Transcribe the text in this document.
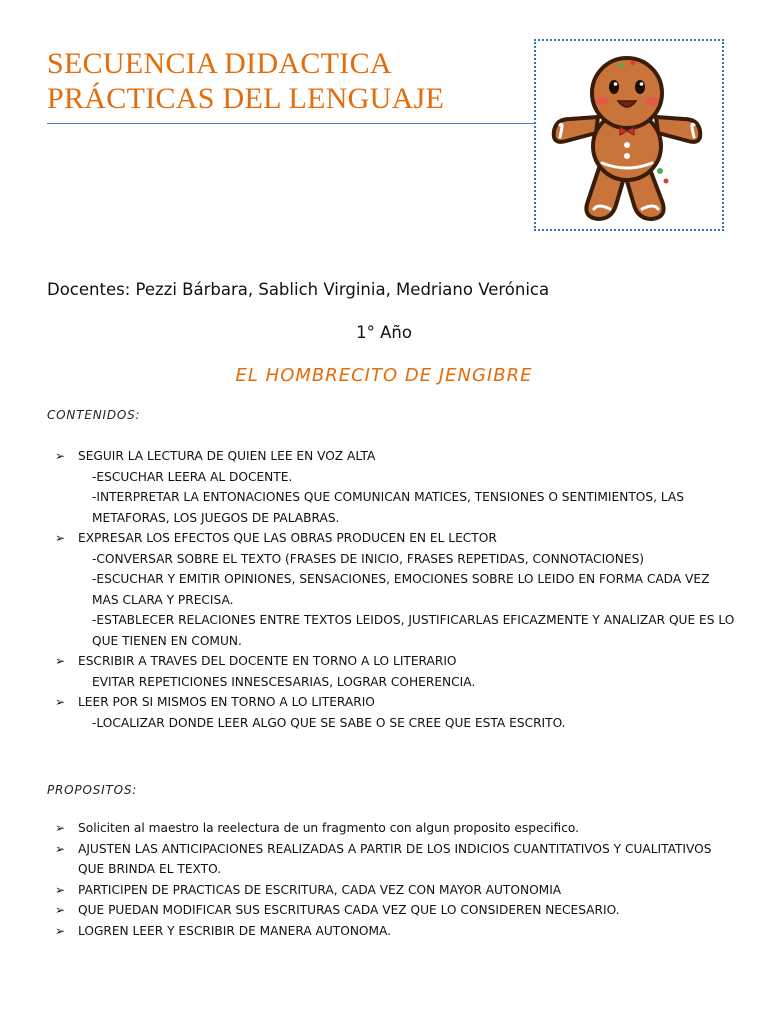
SECUENCIA DIDACTICA
PRÁCTICAS DEL LENGUAJE
Docentes: Pezzi Bárbara, Sablich Virginia, Medriano Verónica
1° Año
EL HOMBRECITO DE JENGIBRE
CONTENIDOS:
➢ SEGUIR LA LECTURA DE QUIEN LEE EN VOZ ALTA
-ESCUCHAR LEERA AL DOCENTE.
-INTERPRETAR LA ENTONACIONES QUE COMUNICAN MATICES, TENSIONES O SENTIMIENTOS, LAS METAFORAS, LOS JUEGOS DE PALABRAS.
➢ EXPRESAR LOS EFECTOS QUE LAS OBRAS PRODUCEN EN EL LECTOR
-CONVERSAR SOBRE EL TEXTO (FRASES DE INICIO, FRASES REPETIDAS, CONNOTACIONES)
-ESCUCHAR Y EMITIR OPINIONES, SENSACIONES, EMOCIONES SOBRE LO LEIDO EN FORMA CADA VEZ MAS CLARA Y PRECISA.
-ESTABLECER RELACIONES ENTRE TEXTOS LEIDOS, JUSTIFICARLAS EFICAZMENTE Y ANALIZAR QUE ES LO QUE TIENEN EN COMUN.
➢ ESCRIBIR A TRAVES DEL DOCENTE EN TORNO A LO LITERARIO
EVITAR REPETICIONES INNESCESARIAS, LOGRAR COHERENCIA.
➢ LEER POR SI MISMOS EN TORNO A LO LITERARIO
-LOCALIZAR DONDE LEER ALGO QUE SE SABE O SE CREE QUE ESTA ESCRITO.
PROPOSITOS:
➢ Soliciten al maestro la reelectura de un fragmento con algun proposito especifico.
➢ AJUSTEN LAS ANTICIPACIONES REALIZADAS A PARTIR DE LOS INDICIOS CUANTITATIVOS Y CUALITATIVOS QUE BRINDA EL TEXTO.
➢ PARTICIPEN DE PRACTICAS DE ESCRITURA, CADA VEZ CON MAYOR AUTONOMIA
➢ QUE PUEDAN MODIFICAR SUS ESCRITURAS CADA VEZ QUE LO CONSIDEREN NECESARIO.
➢ LOGREN LEER Y ESCRIBIR DE MANERA AUTONOMA.
